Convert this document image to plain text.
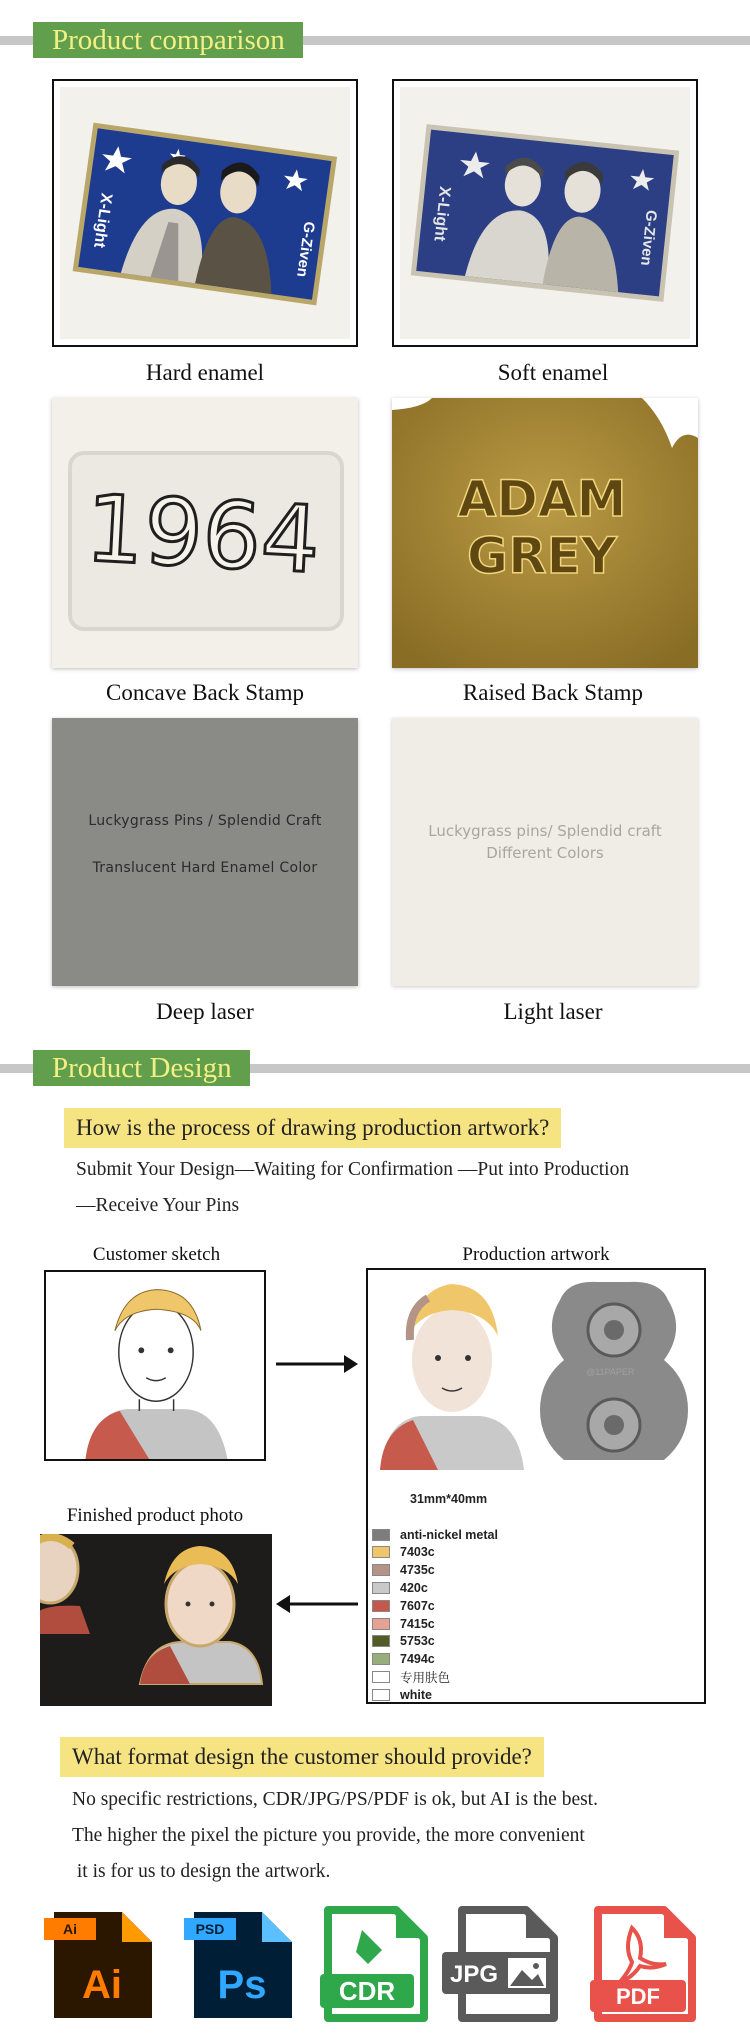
Product comparison
X-Light
G-Ziven
Hard enamel
X-Light	G-Ziven
Soft enamel
1964
Concave Back Stamp
ADAM
GREY
Raised Back Stamp
Luckygrass Pins / Splendid Craft
Translucent Hard Enamel Color
Deep laser
Luckygrass pins/ Splendid craft
Different Colors
Light laser
Product Design
How is the process of drawing production artwork?
Submit Your Design—Waiting for Confirmation —Put into Production
—Receive Your Pins
Customer sketch	Production artwork
@11PAPER
31mm*40mm
anti-nickel metal
7403c
4735c
420c
7607c
7415c
5753c
7494c
专用肤色
white
Finished product photo
What format design the customer should provide?
No specific restrictions, CDR/JPG/PS/PDF is ok, but AI is the best.
The higher the pixel the picture you provide, the more convenient
it is for us to design the artwork.
Ai
Ai
PSD
Ps	CDR
JPG
PDF
